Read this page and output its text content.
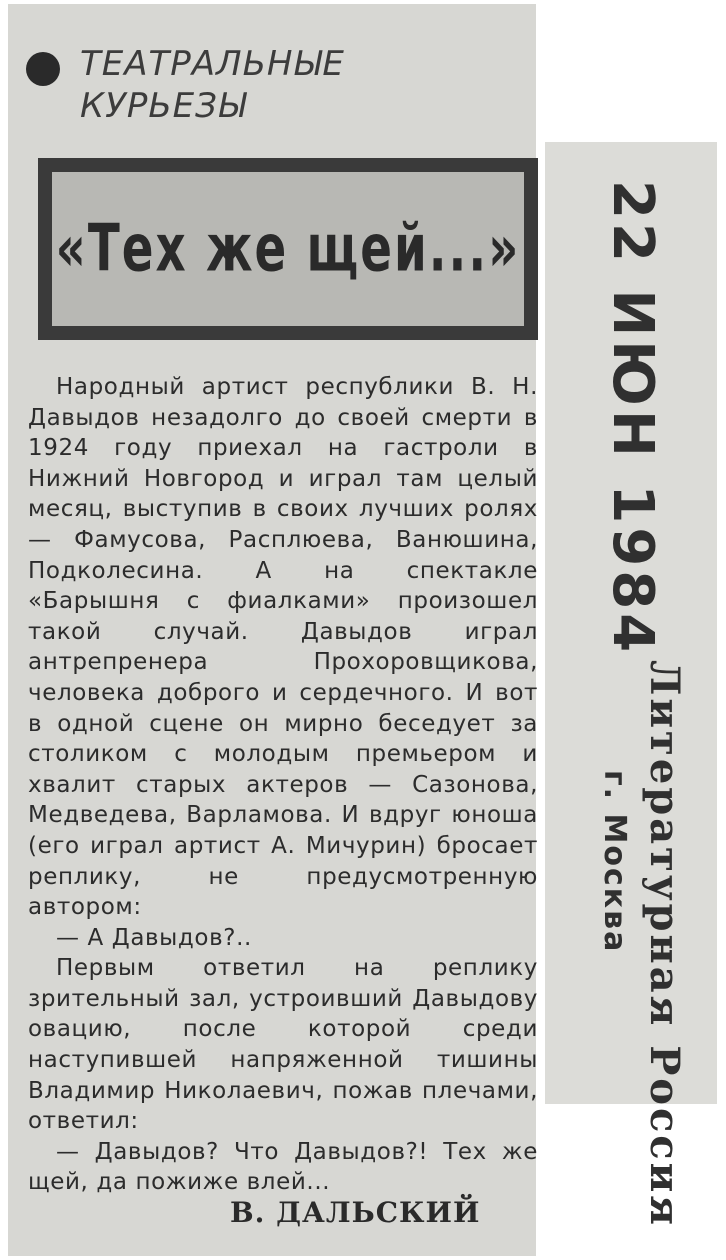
ТЕАТРАЛЬНЫЕ
КУРЬЕЗЫ
«Тех же щей...»

Народный артист республики В. Н. Давыдов незадолго до своей смерти в 1924 году приехал на гастроли в Нижний Новгород и играл там целый месяц, выступив в своих лучших ролях — Фамусова, Расплюева, Ванюшина, Подколесина. А на спектакле «Барышня с фиалками» произошел такой случай. Давыдов играл антрепренера Прохоровщикова, человека доброго и сердечного. И вот в одной сцене он мирно беседует за столиком с молодым премьером и хвалит старых актеров — Сазонова, Медведева, Варламова. И вдруг юноша (его играл артист А. Мичурин) бросает реплику, не предусмотренную автором:

— А Давыдов?..

Первым ответил на реплику зрительный зал, устроивший Давыдову овацию, после которой среди наступившей напряженной тишины Владимир Николаевич, пожав плечами, ответил:

— Давыдов? Что Давыдов?! Тех же щей, да пожиже влей...

В. ДАЛЬСКИЙ
22 ИЮН 1984
Литературная Россия
г. Москва
